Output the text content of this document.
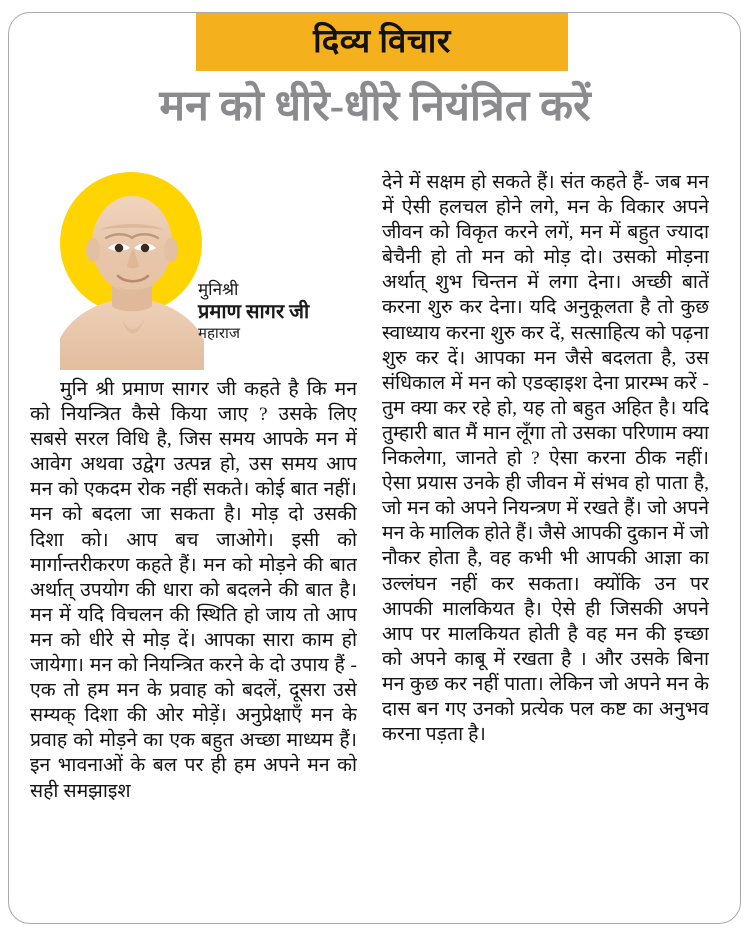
दिव्य विचार
मन को धीरे-धीरे नियंत्रित करें
मुनिश्री
प्रमाण सागर जी
महाराज

मुनि श्री प्रमाण सागर जी कहते है कि मन को नियन्त्रित कैसे किया जाए ? उसके लिए सबसे सरल विधि है, जिस समय आपके मन में आवेग अथवा उद्वेग उत्पन्न हो, उस समय आप मन को एकदम रोक नहीं सकते। कोई बात नहीं। मन को बदला जा सकता है। मोड़ दो उसकी दिशा को। आप बच जाओगे। इसी को मार्गान्तरीकरण कहते हैं। मन को मोड़ने की बात अर्थात् उपयोग की धारा को बदलने की बात है। मन में यदि विचलन की स्थिति हो जाय तो आप मन को धीरे से मोड़ दें। आपका सारा काम हो जायेगा। मन को नियन्त्रित करने के दो उपाय हैं - एक तो हम मन के प्रवाह को बदलें, दूसरा उसे सम्यक् दिशा की ओर मोड़ें। अनुप्रेक्षाएँ मन के प्रवाह को मोड़ने का एक बहुत अच्छा माध्यम हैं। इन भावनाओं के बल पर ही हम अपने मन को सही समझाइश

देने में सक्षम हो सकते हैं। संत कहते हैं- जब मन में ऐसी हलचल होने लगे, मन के विकार अपने जीवन को विकृत करने लगें, मन में बहुत ज्यादा बेचैनी हो तो मन को मोड़ दो। उसको मोड़ना अर्थात् शुभ चिन्तन में लगा देना। अच्छी बातें करना शुरु कर देना। यदि अनुकूलता है तो कुछ स्वाध्याय करना शुरु कर दें, सत्साहित्य को पढ़ना शुरु कर दें। आपका मन जैसे बदलता है, उस संधिकाल में मन को एडव्हाइश देना प्रारम्भ करें - तुम क्या कर रहे हो, यह तो बहुत अहित है। यदि तुम्हारी बात मैं मान लूँगा तो उसका परिणाम क्या निकलेगा, जानते हो ? ऐसा करना ठीक नहीं। ऐसा प्रयास उनके ही जीवन में संभव हो पाता है, जो मन को अपने नियन्त्रण में रखते हैं। जो अपने मन के मालिक होते हैं। जैसे आपकी दुकान में जो नौकर होता है, वह कभी भी आपकी आज्ञा का उल्लंघन नहीं कर सकता। क्योंकि उन पर आपकी मालकियत है। ऐसे ही जिसकी अपने आप पर मालकियत होती है वह मन की इच्छा को अपने काबू में रखता है । और उसके बिना मन कुछ कर नहीं पाता। लेकिन जो अपने मन के दास बन गए उनको प्रत्येक पल कष्ट का अनुभव करना पड़ता है।
